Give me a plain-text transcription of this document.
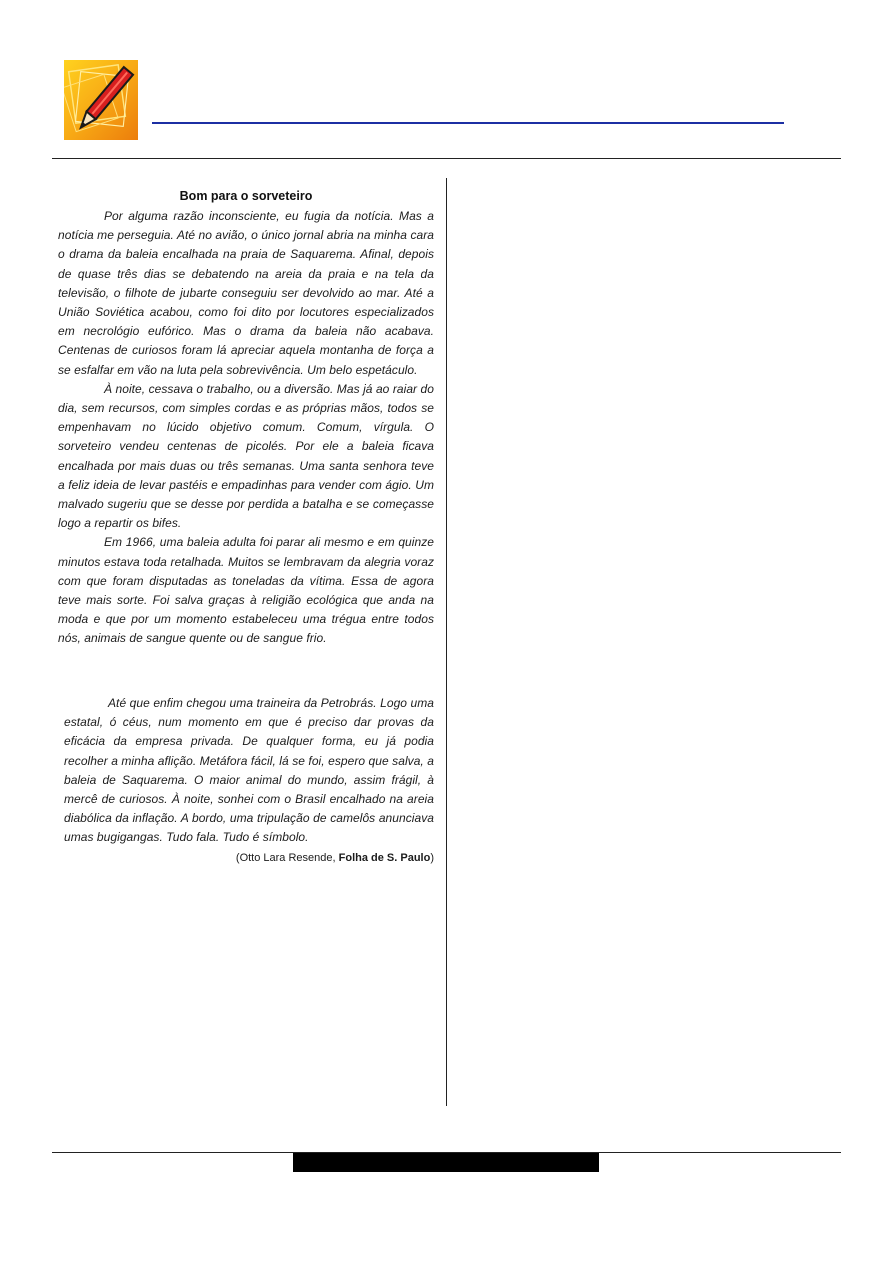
Bom para o sorveteiro

Por alguma razão inconsciente, eu fugia da notícia. Mas a notícia me perseguia. Até no avião, o único jornal abria na minha cara o drama da baleia encalhada na praia de Saquarema. Afinal, depois de quase três dias se debatendo na areia da praia e na tela da televisão, o filhote de jubarte conseguiu ser devolvido ao mar. Até a União Soviética acabou, como foi dito por locutores especializados em necrológio eufórico. Mas o drama da baleia não acabava. Centenas de curiosos foram lá apreciar aquela montanha de força a se esfalfar em vão na luta pela sobrevivência. Um belo espetáculo.

À noite, cessava o trabalho, ou a diversão. Mas já ao raiar do dia, sem recursos, com simples cordas e as próprias mãos, todos se empenhavam no lúcido objetivo comum. Comum, vírgula. O sorveteiro vendeu centenas de picolés. Por ele a baleia ficava encalhada por mais duas ou três semanas. Uma santa senhora teve a feliz ideia de levar pastéis e empadinhas para vender com ágio. Um malvado sugeriu que se desse por perdida a batalha e se começasse logo a repartir os bifes.

Em 1966, uma baleia adulta foi parar ali mesmo e em quinze minutos estava toda retalhada. Muitos se lembravam da alegria voraz com que foram disputadas as toneladas da vítima. Essa de agora teve mais sorte. Foi salva graças à religião ecológica que anda na moda e que por um momento estabeleceu uma trégua entre todos nós, animais de sangue quente ou de sangue frio.

Até que enfim chegou uma traineira da Petrobrás. Logo uma estatal, ó céus, num momento em que é preciso dar provas da eficácia da empresa privada. De qualquer forma, eu já podia recolher a minha aflição. Metáfora fácil, lá se foi, espero que salva, a baleia de Saquarema. O maior animal do mundo, assim frágil, à mercê de curiosos. À noite, sonhei com o Brasil encalhado na areia diabólica da inflação. A bordo, uma tripulação de camelôs anunciava umas bugigangas. Tudo fala. Tudo é símbolo.

(Otto Lara Resende, Folha de S. Paulo)
